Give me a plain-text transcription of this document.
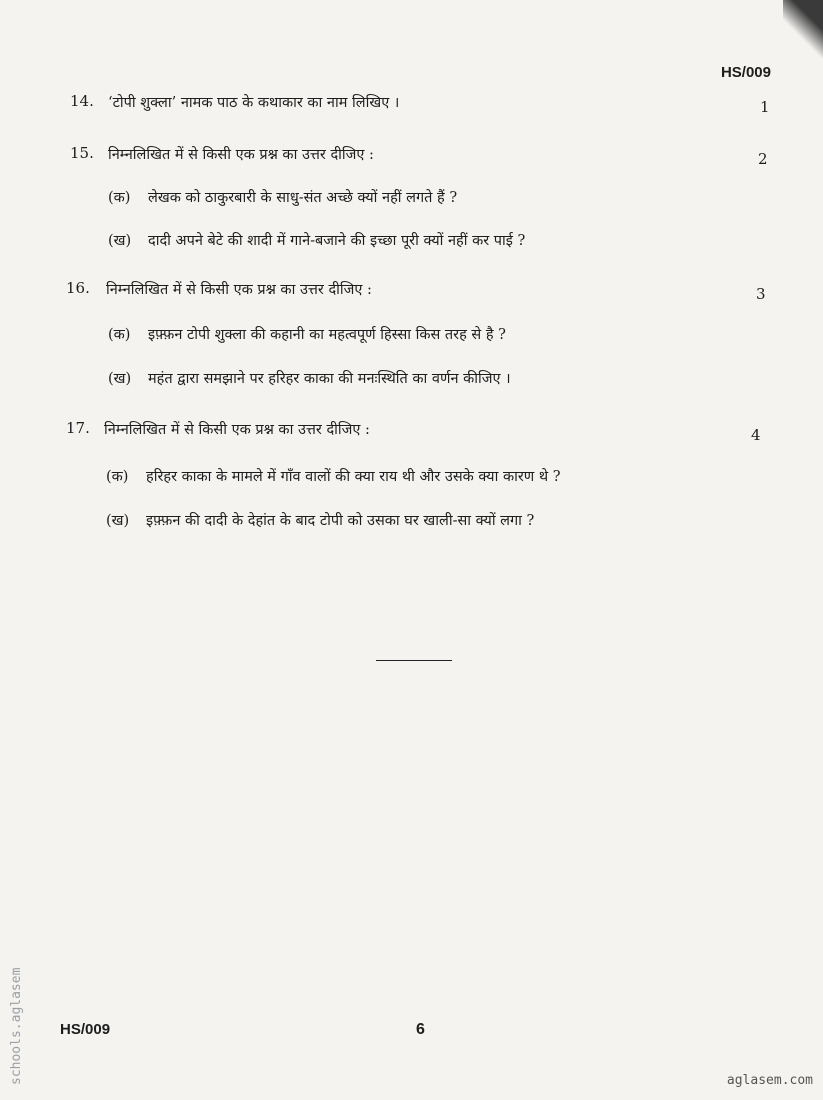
HS/009
14. ‘टोपी शुक्ला’ नामक पाठ के कथाकार का नाम लिखिए ।	1
15. निम्नलिखित में से किसी एक प्रश्न का उत्तर दीजिए :	2
(क) लेखक को ठाकुरबारी के साधु-संत अच्छे क्यों नहीं लगते हैं ?
(ख) दादी अपने बेटे की शादी में गाने-बजाने की इच्छा पूरी क्यों नहीं कर पाई ?
16. निम्नलिखित में से किसी एक प्रश्न का उत्तर दीजिए :	3
(क) इफ़्फ़न टोपी शुक्ला की कहानी का महत्वपूर्ण हिस्सा किस तरह से है ?
(ख) महंत द्वारा समझाने पर हरिहर काका की मनःस्थिति का वर्णन कीजिए ।
17. निम्नलिखित में से किसी एक प्रश्न का उत्तर दीजिए :	4
(क) हरिहर काका के मामले में गाँव वालों की क्या राय थी और उसके क्या कारण थे ?
(ख) इफ़्फ़न की दादी के देहांत के बाद टोपी को उसका घर खाली-सा क्यों लगा ?
HS/009	6
schools.aglasem	aglasem.com
